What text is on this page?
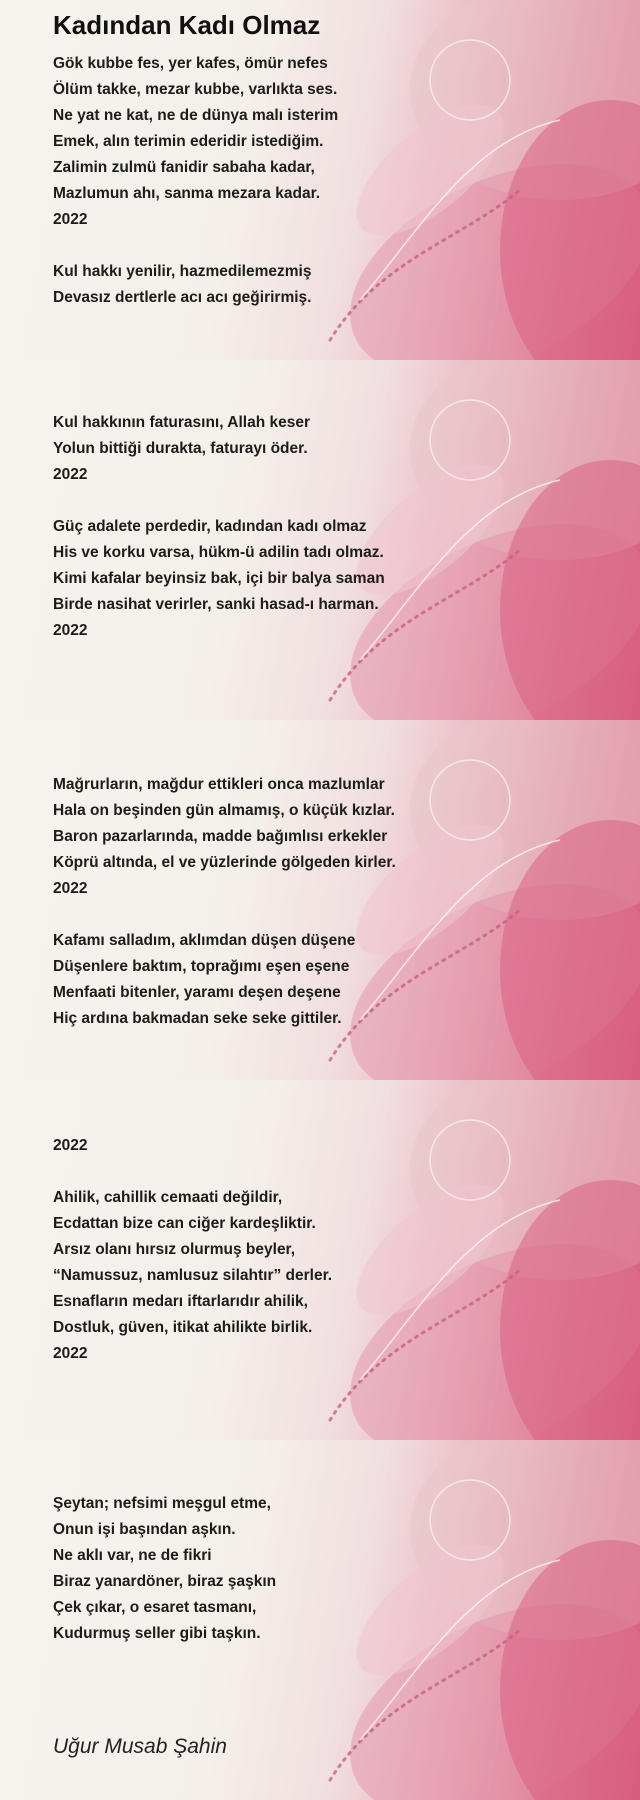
Kadından Kadı Olmaz
Gök kubbe fes, yer kafes, ömür nefes
Ölüm takke, mezar kubbe, varlıkta ses.
Ne yat ne kat, ne de dünya malı isterim
Emek, alın terimin ederidir istediğim.
Zalimin zulmü fanidir sabaha kadar,
Mazlumun ahı, sanma mezara kadar.
2022
Kul hakkı yenilir, hazmedilemezmiş
Devasız dertlerle acı acı geğirirmiş.
Kul hakkının faturasını, Allah keser
Yolun bittiği durakta, faturayı öder.
2022
Güç adalete perdedir, kadından kadı olmaz
His ve korku varsa, hükm-ü adilin tadı olmaz.
Kimi kafalar beyinsiz bak, içi bir balya saman
Birde nasihat verirler, sanki hasad-ı harman.
2022
Mağrurların, mağdur ettikleri onca mazlumlar
Hala on beşinden gün almamış, o küçük kızlar.
Baron pazarlarında, madde bağımlısı erkekler
Köprü altında, el ve yüzlerinde gölgeden kirler.
2022
Kafamı salladım, aklımdan düşen düşene
Düşenlere baktım, toprağımı eşen eşene
Menfaati bitenler, yaramı deşen deşene
Hiç ardına bakmadan seke seke gittiler.
2022
Ahilik, cahillik cemaati değildir,
Ecdattan bize can ciğer kardeşliktir.
Arsız olanı hırsız olurmuş beyler,
“Namussuz, namlusuz silahtır” derler.
Esnafların medarı iftarlarıdır ahilik,
Dostluk, güven, itikat ahilikte birlik.
2022
Şeytan; nefsimi meşgul etme,
Onun işi başından aşkın.
Ne aklı var, ne de fikri
Biraz yanardöner, biraz şaşkın
Çek çıkar, o esaret tasmanı,
Kudurmuş seller gibi taşkın.
Uğur Musab Şahin
